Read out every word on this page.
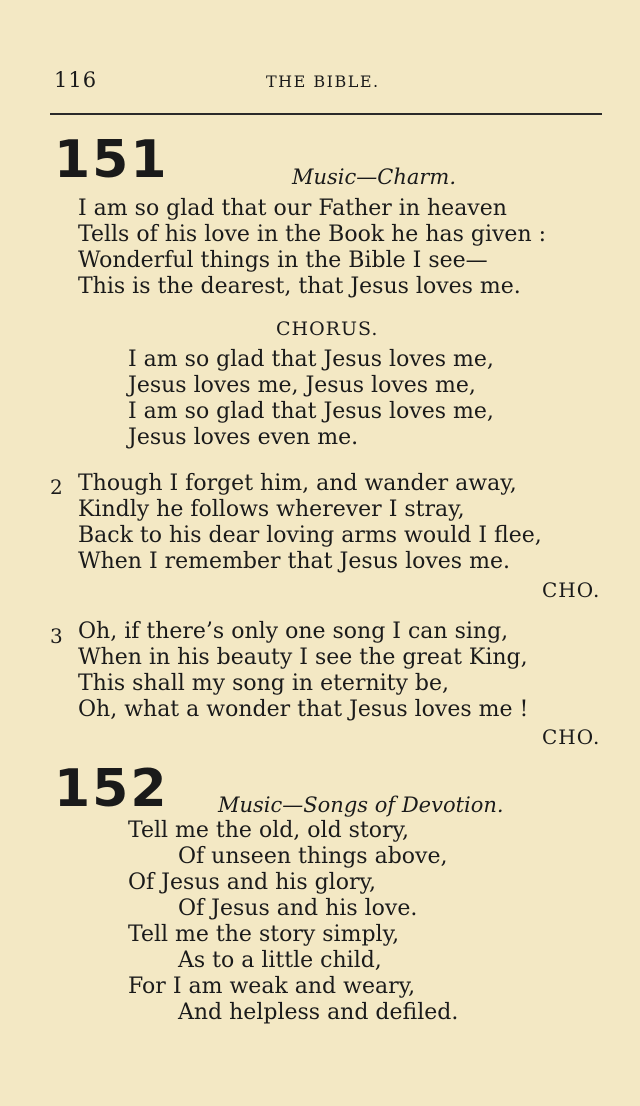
116	THE BIBLE.
151	Music—Charm.
I am so glad that our Father in heaven
Tells of his love in the Book he has given :
Wonderful things in the Bible I see—
This is the dearest, that Jesus loves me.
CHORUS.
I am so glad that Jesus loves me,
Jesus loves me, Jesus loves me,
I am so glad that Jesus loves me,
Jesus loves even me.
2 Though I forget him, and wander away,
Kindly he follows wherever I stray,
Back to his dear loving arms would I flee,
When I remember that Jesus loves me.
CHO.
3 Oh, if there’s only one song I can sing,
When in his beauty I see the great King,
This shall my song in eternity be,
Oh, what a wonder that Jesus loves me !
CHO.
152 Music—Songs of Devotion.
Tell me the old, old story,
Of unseen things above,
Of Jesus and his glory,
Of Jesus and his love.
Tell me the story simply,
As to a little child,
For I am weak and weary,
And helpless and defiled.
